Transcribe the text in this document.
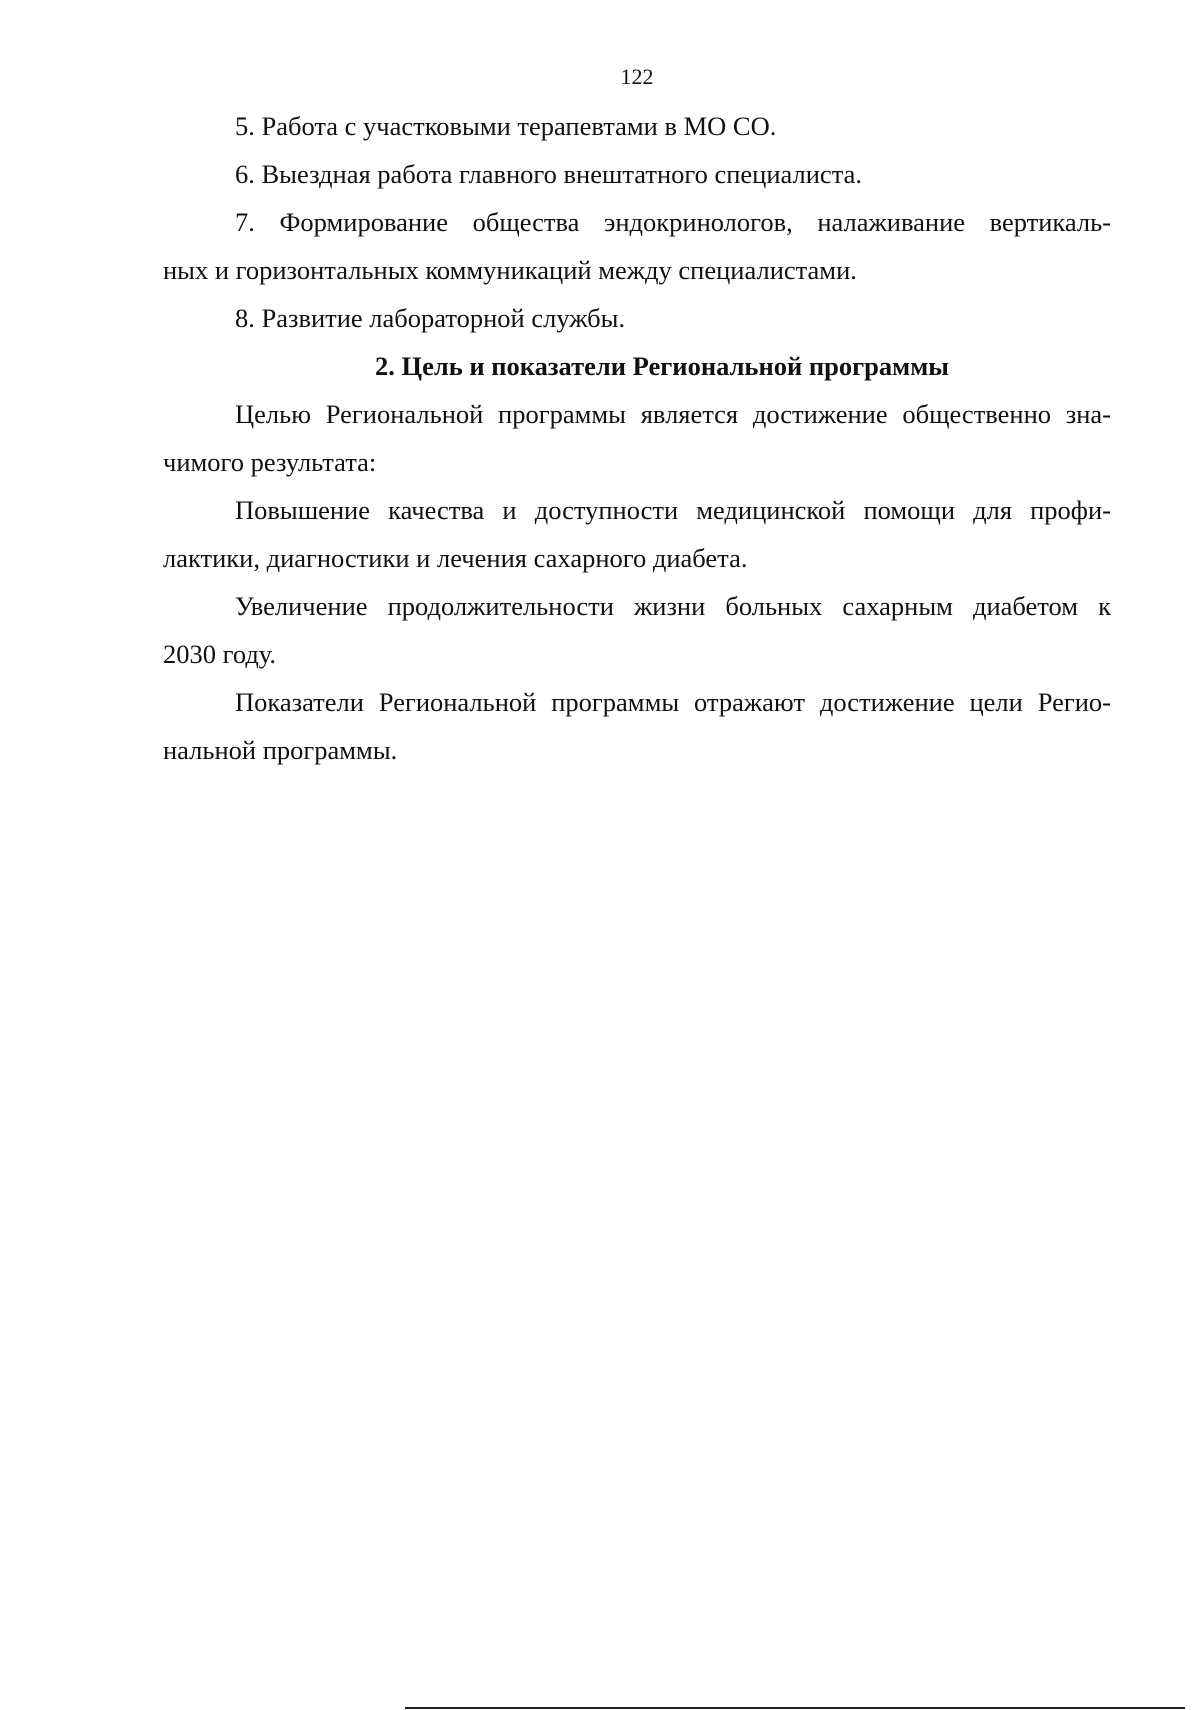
122
5. Работа с участковыми терапевтами в МО СО.
6. Выездная работа главного внештатного специалиста.
7. Формирование общества эндокринологов, налаживание вертикаль-
ных и горизонтальных коммуникаций между специалистами.
8. Развитие лабораторной службы.
2. Цель и показатели Региональной программы
Целью Региональной программы является достижение общественно зна-
чимого результата:
Повышение качества и доступности медицинской помощи для профи-
лактики, диагностики и лечения сахарного диабета.
Увеличение продолжительности жизни больных сахарным диабетом к
2030 году.
Показатели Региональной программы отражают достижение цели Регио-
нальной программы.
